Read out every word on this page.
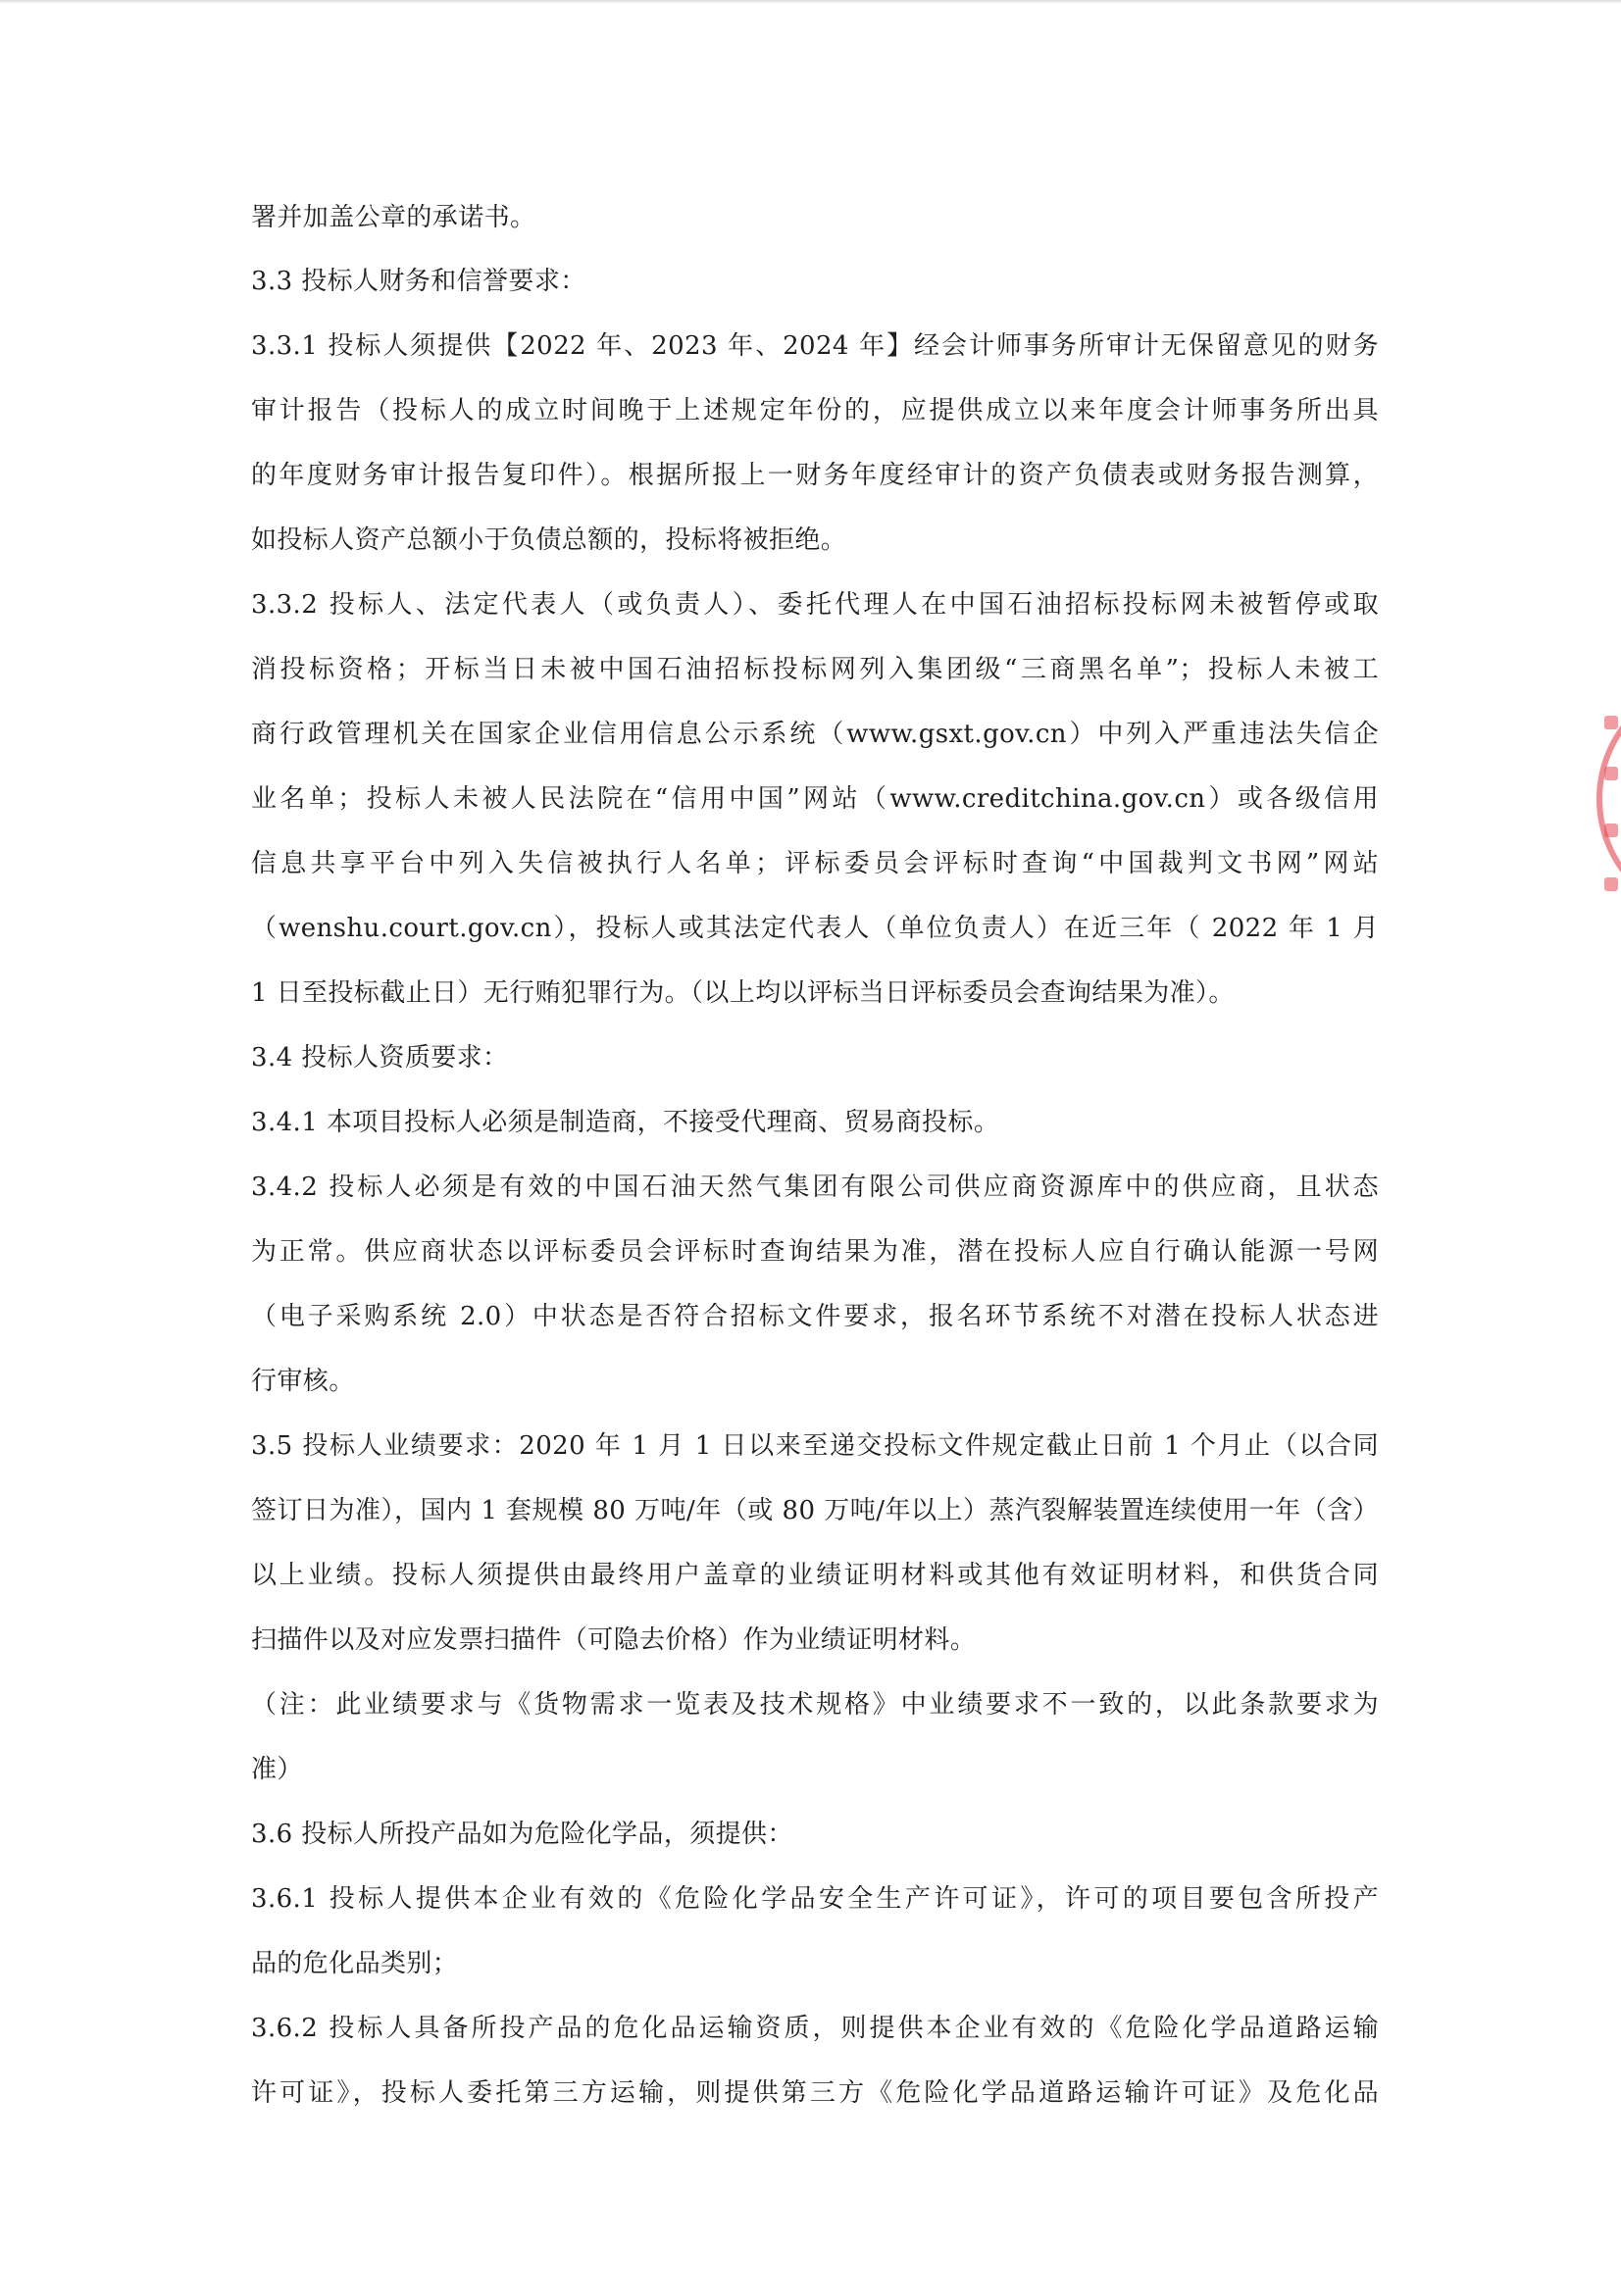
署并加盖公章的承诺书。
3.3 投标人财务和信誉要求：
3.3.1 投标人须提供【2022 年、2023 年、2024 年】经会计师事务所审计无保留意见的财务
审计报告（投标人的成立时间晚于上述规定年份的，应提供成立以来年度会计师事务所出具
的年度财务审计报告复印件）。根据所报上一财务年度经审计的资产负债表或财务报告测算，
如投标人资产总额小于负债总额的，投标将被拒绝。
3.3.2 投标人、法定代表人（或负责人）、委托代理人在中国石油招标投标网未被暂停或取
消投标资格；开标当日未被中国石油招标投标网列入集团级“三商黑名单”；投标人未被工
商行政管理机关在国家企业信用信息公示系统（www.gsxt.gov.cn）中列入严重违法失信企
业名单；投标人未被人民法院在“信用中国”网站（www.creditchina.gov.cn）或各级信用
信息共享平台中列入失信被执行人名单；评标委员会评标时查询“中国裁判文书网”网站
（wenshu.court.gov.cn），投标人或其法定代表人（单位负责人）在近三年（ 2022 年 1 月
1 日至投标截止日）无行贿犯罪行为。（以上均以评标当日评标委员会查询结果为准）。
3.4 投标人资质要求：
3.4.1 本项目投标人必须是制造商，不接受代理商、贸易商投标。
3.4.2 投标人必须是有效的中国石油天然气集团有限公司供应商资源库中的供应商，且状态
为正常。供应商状态以评标委员会评标时查询结果为准，潜在投标人应自行确认能源一号网
（电子采购系统 2.0）中状态是否符合招标文件要求，报名环节系统不对潜在投标人状态进
行审核。
3.5 投标人业绩要求：2020 年 1 月 1 日以来至递交投标文件规定截止日前 1 个月止（以合同
签订日为准），国内 1 套规模 80 万吨/年（或 80 万吨/年以上）蒸汽裂解装置连续使用一年（含）
以上业绩。投标人须提供由最终用户盖章的业绩证明材料或其他有效证明材料，和供货合同
扫描件以及对应发票扫描件（可隐去价格）作为业绩证明材料。
（注：此业绩要求与《货物需求一览表及技术规格》中业绩要求不一致的，以此条款要求为
准）
3.6 投标人所投产品如为危险化学品，须提供：
3.6.1 投标人提供本企业有效的《危险化学品安全生产许可证》，许可的项目要包含所投产
品的危化品类别；
3.6.2 投标人具备所投产品的危化品运输资质，则提供本企业有效的《危险化学品道路运输
许可证》，投标人委托第三方运输，则提供第三方《危险化学品道路运输许可证》及危化品
